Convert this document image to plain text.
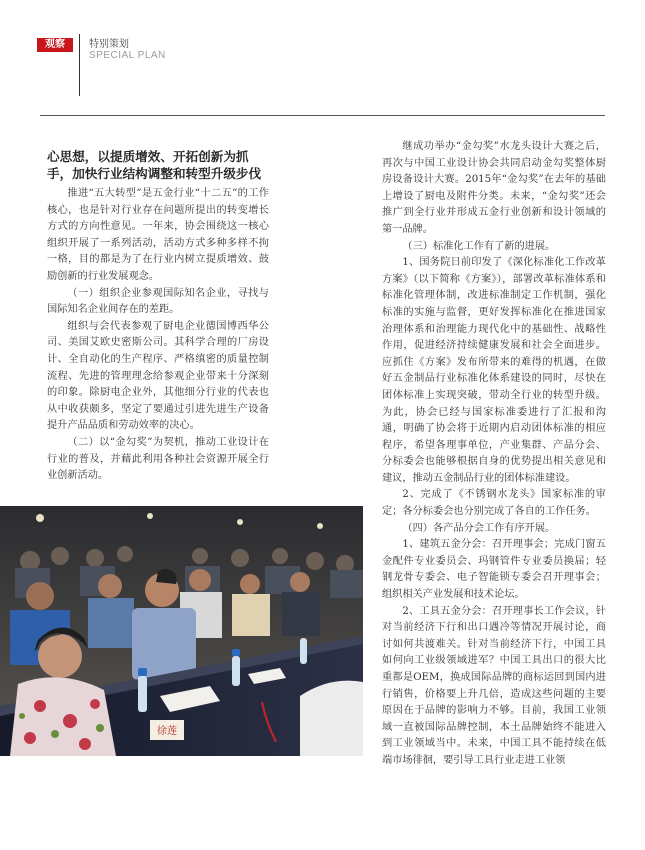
观察	特别策划
SPECIAL PLAN
心思想，以提质增效、开拓创新为抓手，加快行业结构调整和转型升级步伐

推进“五大转型”是五金行业“十二五”的工作核心，也是针对行业存在问题所提出的转变增长方式的方向性意见。一年来，协会围绕这一核心组织开展了一系列活动，活动方式多种多样不拘一格，目的都是为了在行业内树立提质增效、鼓励创新的行业发展观念。

（一）组织企业参观国际知名企业，寻找与国际知名企业间存在的差距。

组织与会代表参观了厨电企业德国博西华公司、美国艾欧史密斯公司。其科学合理的厂房设计、全自动化的生产程序、严格缜密的质量控制流程、先进的管理理念给参观企业带来十分深刻的印象。除厨电企业外，其他细分行业的代表也从中收获颇多，坚定了要通过引进先进生产设备提升产品品质和劳动效率的决心。

（二）以“金勾奖”为契机，推动工业设计在行业的普及，并藉此利用各种社会资源开展全行业创新活动。

继成功举办“金勾奖”水龙头设计大赛之后，再次与中国工业设计协会共同启动金勾奖整体厨房设备设计大赛。2015年“金勾奖”在去年的基础上增设了厨电及附件分类。未来，“金勾奖”还会推广到全行业并形成五金行业创新和设计领域的第一品牌。

（三）标准化工作有了新的进展。

1、国务院日前印发了《深化标准化工作改革方案》（以下简称《方案》），部署改革标准体系和标准化管理体制，改进标准制定工作机制，强化标准的实施与监督，更好发挥标准化在推进国家治理体系和治理能力现代化中的基础性、战略性作用，促进经济持续健康发展和社会全面进步。应抓住《方案》发布所带来的难得的机遇，在做好五金制品行业标准化体系建设的同时，尽快在团体标准上实现突破，带动全行业的转型升级。为此，协会已经与国家标准委进行了汇报和沟通，明确了协会将于近期内启动团体标准的相应程序，希望各理事单位，产业集群、产品分会、分标委会也能够根据自身的优势提出相关意见和建议，推动五金制品行业的团体标准建设。

2、完成了《不锈钢水龙头》国家标准的审定；各分标委会也分别完成了各自的工作任务。

（四）各产品分会工作有序开展。

1、建筑五金分会：召开理事会；完成门窗五金配件专业委员会、玛钢管件专业委员换届；轻钢龙骨专委会、电子智能锁专委会召开理事会；组织相关产业发展和技术论坛。

2、工具五金分会：召开理事长工作会议，针对当前经济下行和出口遇冷等情况开展讨论，商讨如何共渡难关。针对当前经济下行，中国工具如何向工业级领域进军？中国工具出口的很大比重都是OEM，换成国际品牌的商标运回到国内进行销售，价格要上升几倍，造成这些问题的主要原因在于品牌的影响力不够。目前，我国工业领域一直被国际品牌控制，本土品牌始终不能进入到工业领域当中。未来，中国工具不能持续在低端市场徘徊，要引导工具行业走进工业领

徐莲
